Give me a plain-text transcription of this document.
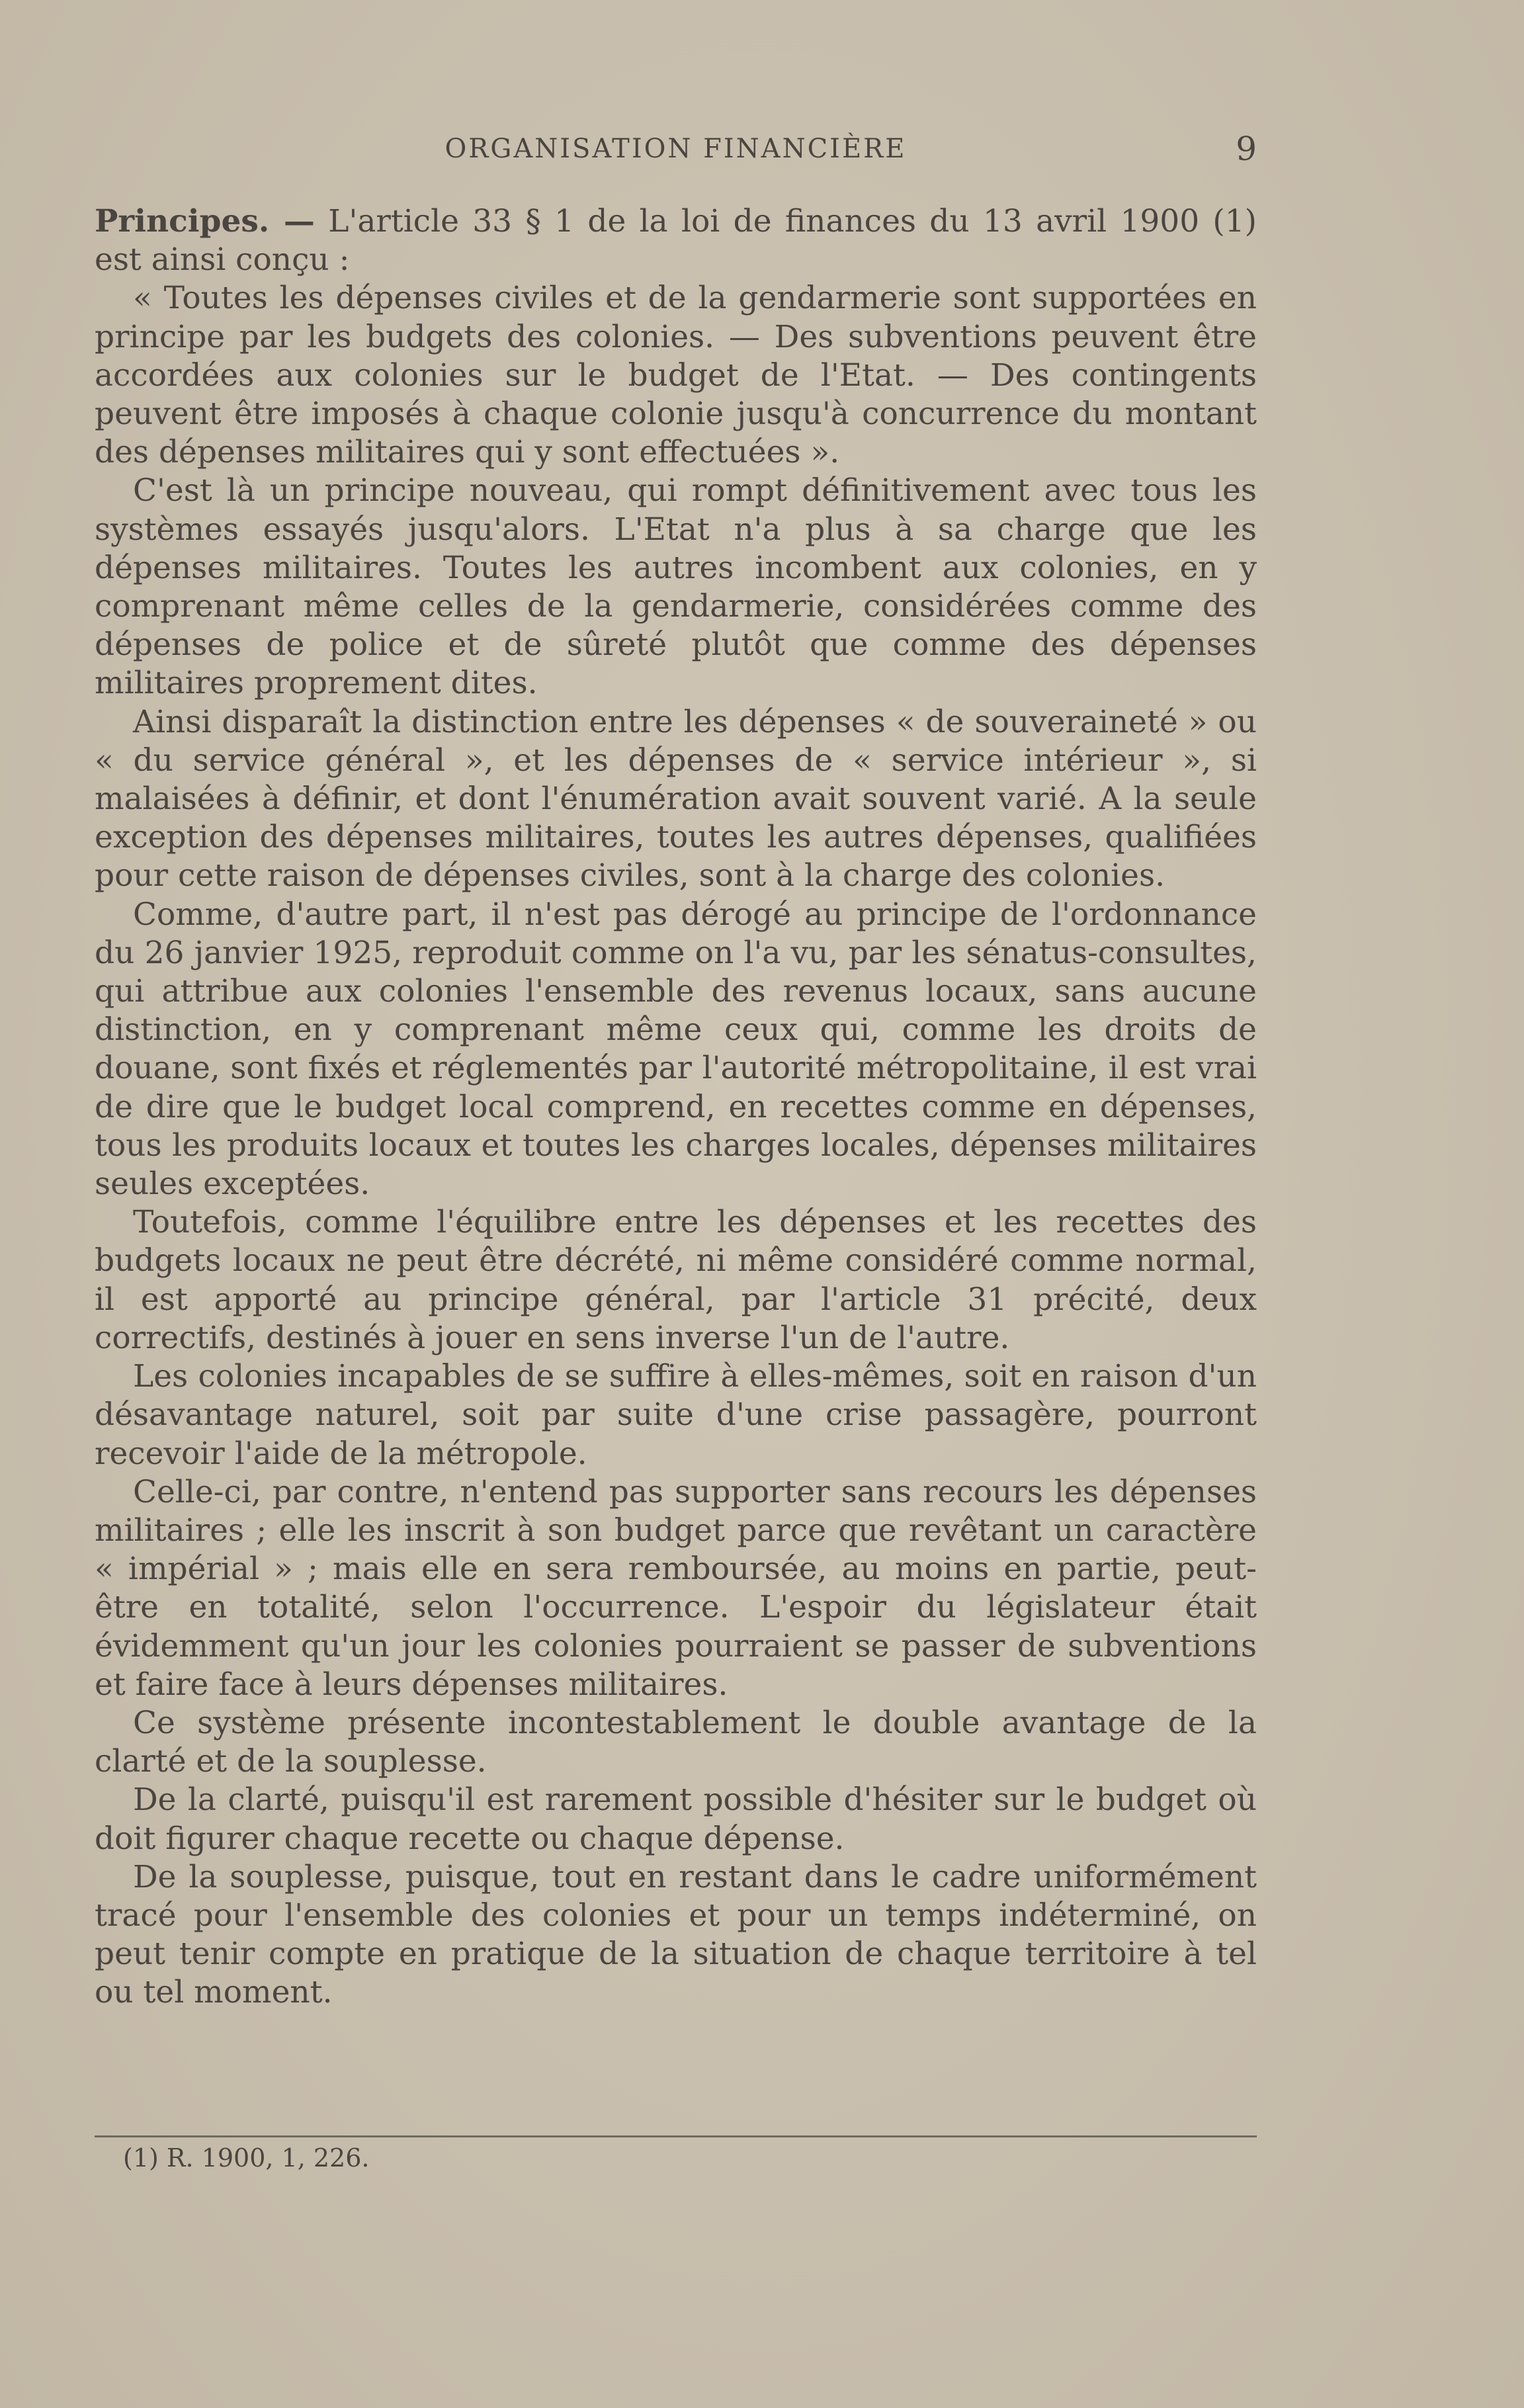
ORGANISATION FINANCIÈRE	9

Principes. — L'article 33 § 1 de la loi de finances du 13 avril 1900 (1) est ainsi conçu :

« Toutes les dépenses civiles et de la gendarmerie sont supportées en principe par les budgets des colonies. — Des subventions peuvent être accordées aux colonies sur le budget de l'Etat. — Des contingents peuvent être imposés à chaque colonie jusqu'à concurrence du montant des dépenses militaires qui y sont effectuées ».

C'est là un principe nouveau, qui rompt définitivement avec tous les systèmes essayés jusqu'alors. L'Etat n'a plus à sa charge que les dépenses militaires. Toutes les autres incombent aux colonies, en y comprenant même celles de la gendarmerie, considérées comme des dépenses de police et de sûreté plutôt que comme des dépenses militaires proprement dites.

Ainsi disparaît la distinction entre les dépenses « de souveraineté » ou « du service général », et les dépenses de « service intérieur », si malaisées à définir, et dont l'énumération avait souvent varié. A la seule exception des dépenses militaires, toutes les autres dépenses, qualifiées pour cette raison de dépenses civiles, sont à la charge des colonies.

Comme, d'autre part, il n'est pas dérogé au principe de l'ordonnance du 26 janvier 1925, reproduit comme on l'a vu, par les sénatus-consultes, qui attribue aux colonies l'ensemble des revenus locaux, sans aucune distinction, en y comprenant même ceux qui, comme les droits de douane, sont fixés et réglementés par l'autorité métropolitaine, il est vrai de dire que le budget local comprend, en recettes comme en dépenses, tous les produits locaux et toutes les charges locales, dépenses militaires seules exceptées.

Toutefois, comme l'équilibre entre les dépenses et les recettes des budgets locaux ne peut être décrété, ni même considéré comme normal, il est apporté au principe général, par l'article 31 précité, deux correctifs, destinés à jouer en sens inverse l'un de l'autre.

Les colonies incapables de se suffire à elles-mêmes, soit en raison d'un désavantage naturel, soit par suite d'une crise passagère, pourront recevoir l'aide de la métropole.

Celle-ci, par contre, n'entend pas supporter sans recours les dépenses militaires ; elle les inscrit à son budget parce que revêtant un caractère « impérial » ; mais elle en sera remboursée, au moins en partie, peut-être en totalité, selon l'occurrence. L'espoir du législateur était évidemment qu'un jour les colonies pourraient se passer de subventions et faire face à leurs dépenses militaires.

Ce système présente incontestablement le double avantage de la clarté et de la souplesse.

De la clarté, puisqu'il est rarement possible d'hésiter sur le budget où doit figurer chaque recette ou chaque dépense.

De la souplesse, puisque, tout en restant dans le cadre uniformément tracé pour l'ensemble des colonies et pour un temps indéterminé, on peut tenir compte en pratique de la situation de chaque territoire à tel ou tel moment.

(1) R. 1900, 1, 226.
